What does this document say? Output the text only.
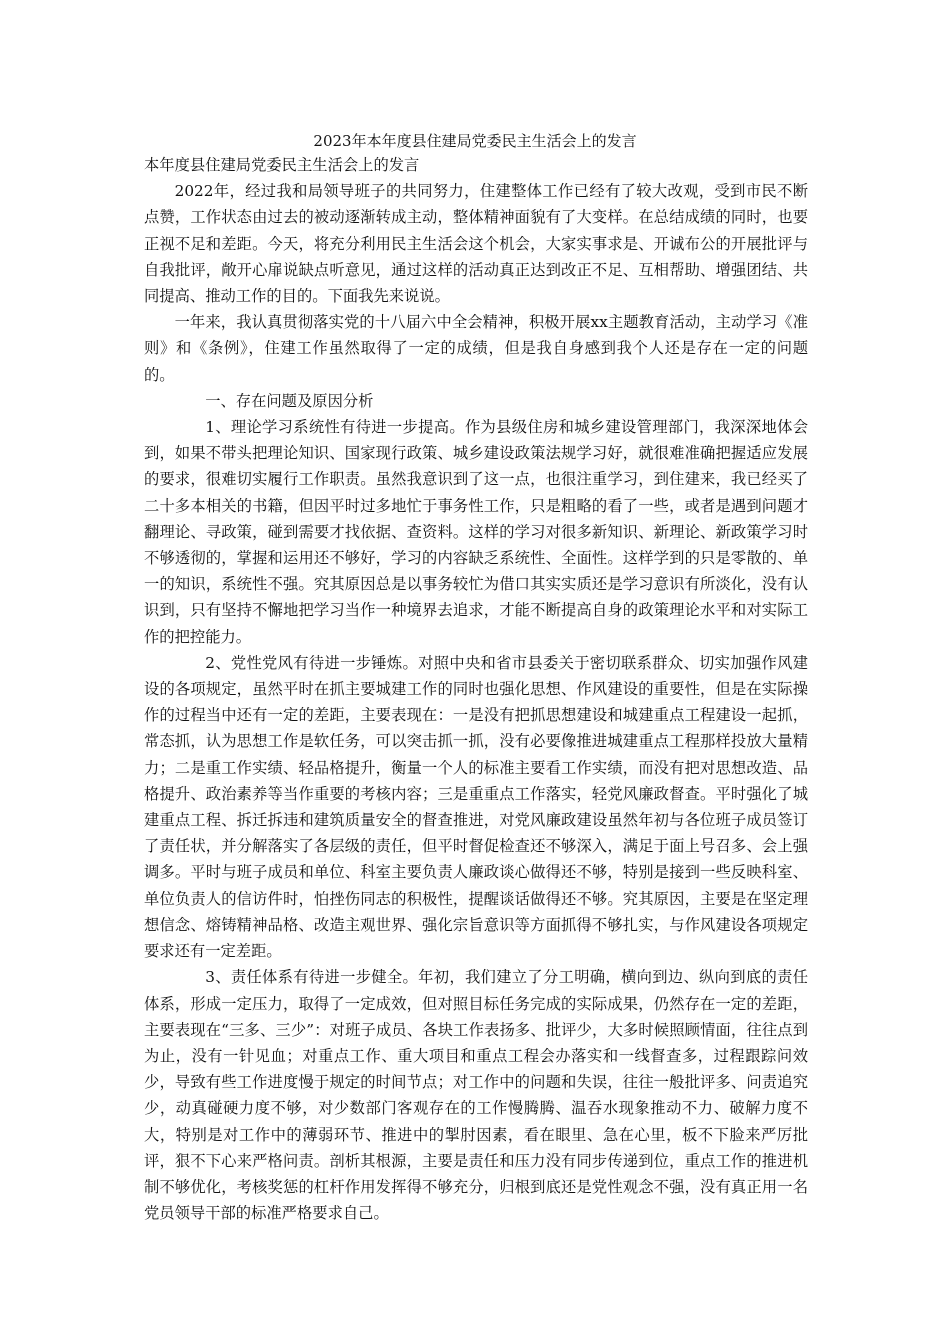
2023年本年度县住建局党委民主生活会上的发言

本年度县住建局党委民主生活会上的发言

2022年，经过我和局领导班子的共同努力，住建整体工作已经有了较大改观，受到市民不断点赞，工作状态由过去的被动逐渐转成主动，整体精神面貌有了大变样。在总结成绩的同时，也要正视不足和差距。今天，将充分利用民主生活会这个机会，大家实事求是、开诚布公的开展批评与自我批评，敞开心扉说缺点听意见，通过这样的活动真正达到改正不足、互相帮助、增强团结、共同提高、推动工作的目的。下面我先来说说。

一年来，我认真贯彻落实党的十八届六中全会精神，积极开展xx主题教育活动，主动学习《准则》和《条例》，住建工作虽然取得了一定的成绩，但是我自身感到我个人还是存在一定的问题的。

一、存在问题及原因分析

1、理论学习系统性有待进一步提高。作为县级住房和城乡建设管理部门，我深深地体会到，如果不带头把理论知识、国家现行政策、城乡建设政策法规学习好，就很难准确把握适应发展的要求，很难切实履行工作职责。虽然我意识到了这一点，也很注重学习，到住建来，我已经买了二十多本相关的书籍，但因平时过多地忙于事务性工作，只是粗略的看了一些，或者是遇到问题才翻理论、寻政策，碰到需要才找依据、查资料。这样的学习对很多新知识、新理论、新政策学习时不够透彻的，掌握和运用还不够好，学习的内容缺乏系统性、全面性。这样学到的只是零散的、单一的知识，系统性不强。究其原因总是以事务较忙为借口其实实质还是学习意识有所淡化，没有认识到，只有坚持不懈地把学习当作一种境界去追求，才能不断提高自身的政策理论水平和对实际工作的把控能力。

2、党性党风有待进一步锤炼。对照中央和省市县委关于密切联系群众、切实加强作风建设的各项规定，虽然平时在抓主要城建工作的同时也强化思想、作风建设的重要性，但是在实际操作的过程当中还有一定的差距，主要表现在：一是没有把抓思想建设和城建重点工程建设一起抓，常态抓，认为思想工作是软任务，可以突击抓一抓，没有必要像推进城建重点工程那样投放大量精力；二是重工作实绩、轻品格提升，衡量一个人的标准主要看工作实绩，而没有把对思想改造、品格提升、政治素养等当作重要的考核内容；三是重重点工作落实，轻党风廉政督查。平时强化了城建重点工程、拆迁拆违和建筑质量安全的督查推进，对党风廉政建设虽然年初与各位班子成员签订了责任状，并分解落实了各层级的责任，但平时督促检查还不够深入，满足于面上号召多、会上强调多。平时与班子成员和单位、科室主要负责人廉政谈心做得还不够，特别是接到一些反映科室、单位负责人的信访件时，怕挫伤同志的积极性，提醒谈话做得还不够。究其原因，主要是在坚定理想信念、熔铸精神品格、改造主观世界、强化宗旨意识等方面抓得不够扎实，与作风建设各项规定要求还有一定差距。

3、责任体系有待进一步健全。年初，我们建立了分工明确，横向到边、纵向到底的责任体系，形成一定压力，取得了一定成效，但对照目标任务完成的实际成果，仍然存在一定的差距，主要表现在“三多、三少”：对班子成员、各块工作表扬多、批评少，大多时候照顾情面，往往点到为止，没有一针见血；对重点工作、重大项目和重点工程会办落实和一线督查多，过程跟踪问效少，导致有些工作进度慢于规定的时间节点；对工作中的问题和失误，往往一般批评多、问责追究少，动真碰硬力度不够，对少数部门客观存在的工作慢腾腾、温吞水现象推动不力、破解力度不大，特别是对工作中的薄弱环节、推进中的掣肘因素，看在眼里、急在心里，板不下脸来严厉批评，狠不下心来严格问责。剖析其根源，主要是责任和压力没有同步传递到位，重点工作的推进机制不够优化，考核奖惩的杠杆作用发挥得不够充分，归根到底还是党性观念不强，没有真正用一名党员领导干部的标准严格要求自己。
